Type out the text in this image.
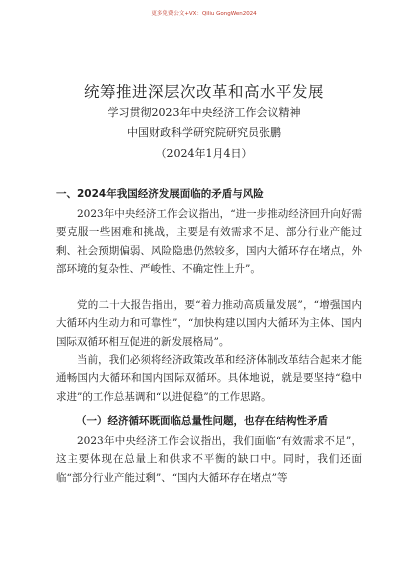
更多免费公文+VX：Qiliu GongWen2024
统筹推进深层次改革和高水平发展
学习贯彻2023年中央经济工作会议精神
中国财政科学研究院研究员张鹏
（2024年1月4日）
一、2024年我国经济发展面临的矛盾与风险
2023年中央经济工作会议指出，“进一步推动经济回升向好需要克服一些困难和挑战，主要是有效需求不足、部分行业产能过剩、社会预期偏弱、风险隐患仍然较多，国内大循环存在堵点，外部环境的复杂性、严峻性、不确定性上升”。
党的二十大报告指出，要“着力推动高质量发展”，“增强国内大循环内生动力和可靠性”，“加快构建以国内大循环为主体、国内国际双循环相互促进的新发展格局”。
当前，我们必须将经济政策改革和经济体制改革结合起来才能通畅国内大循环和国内国际双循环。具体地说，就是要坚持“稳中求进”的工作总基调和“以进促稳”的工作思路。
（一）经济循环既面临总量性问题，也存在结构性矛盾
2023年中央经济工作会议指出，我们面临“有效需求不足”，这主要体现在总量上和供求不平衡的缺口中。同时，我们还面临“部分行业产能过剩”、“国内大循环存在堵点”等
